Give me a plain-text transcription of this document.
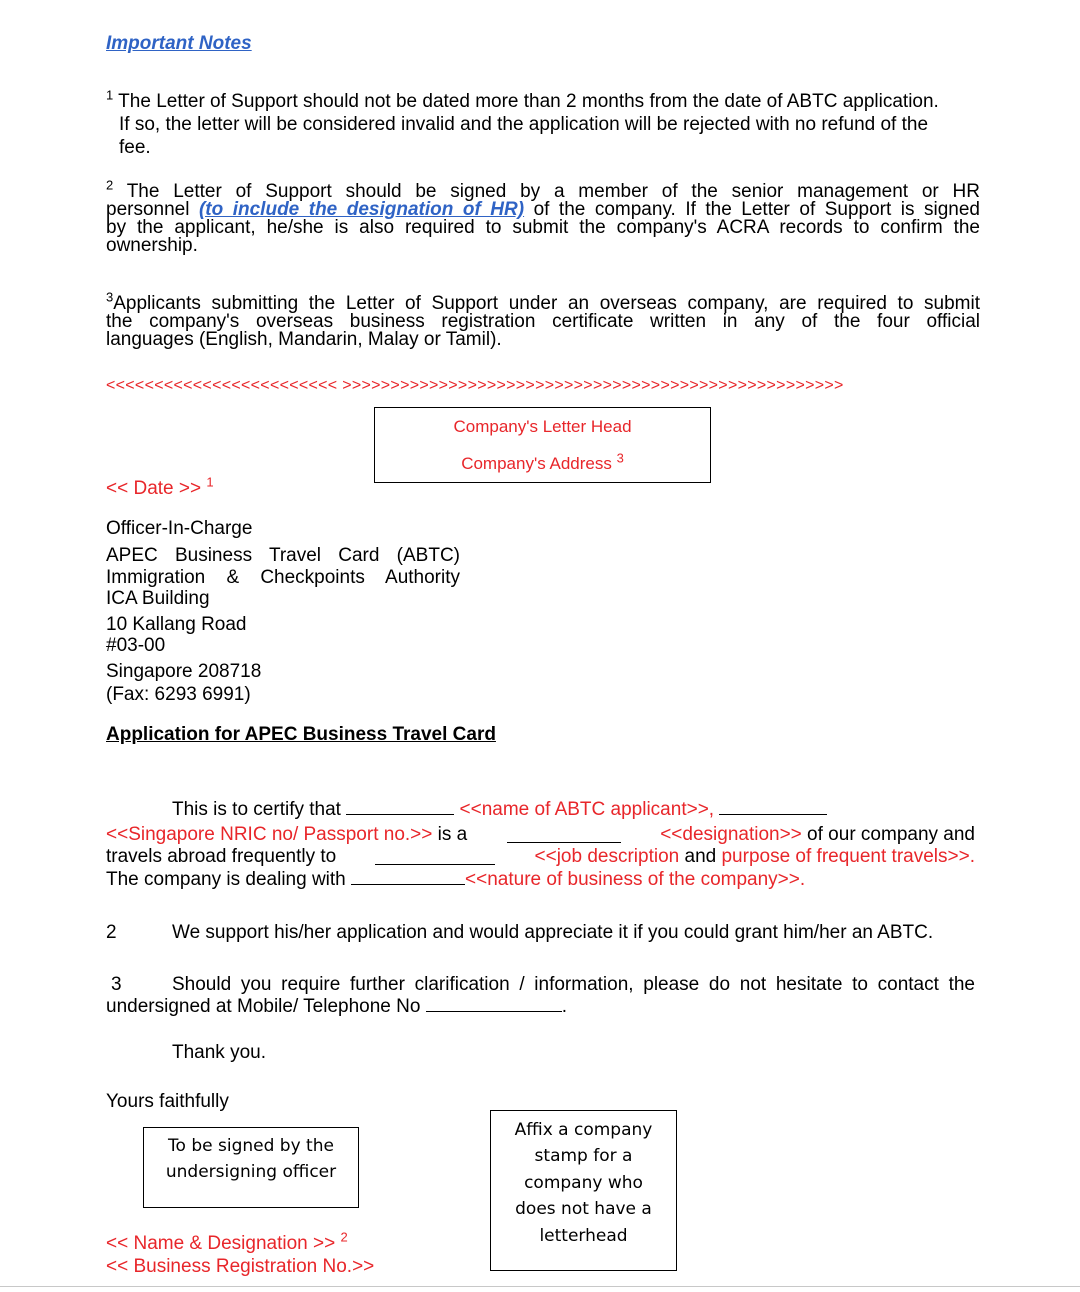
Important Notes
$^1$ The Letter of Support should not be dated more than 2 months from the date of ABTC application.
If so, the letter will be considered invalid and the application will be rejected with no refund of the
fee.
$^2$ The Letter of Support should be signed by a member of the senior management or HR
personnel (to include the designation of HR) of the company. If the Letter of Support is signed
by the applicant, he/she is also required to submit the company's ACRA records to confirm the
ownership.
$^3$Applicants submitting the Letter of Support under an overseas company, are required to submit
the company's overseas business registration certificate written in any of the four official
languages (English, Mandarin, Malay or Tamil).
<<<<<<<<<<<<<<<<<<<<<<<< >>>>>>>>>>>>>>>>>>>>>>>>>>>>>>>>>>>>>>>>>>>>>>>>>>>>
Company's Letter Head
Company's Address $^3$
<< Date >> $^1$
Officer-In-Charge
APEC Business Travel Card (ABTC)
Immigration & Checkpoints Authority
ICA Building
10 Kallang Road
#03-00
Singapore 208718
(Fax: 6293 6991)
Application for APEC Business Travel Card
This is to certify that	<<name of ABTC applicant>>,
<<Singapore NRIC no/ Passport no.>> is a	<<designation>> of our company and
travels abroad frequently to	<<job description and purpose of frequent travels>>.
The company is dealing with	<<nature of business of the company>>.
2	We support his/her application and would appreciate it if you could grant him/her an ABTC.
3	Should you require further clarification / information, please do not hesitate to contact the
undersigned at Mobile/ Telephone No	.
Thank you.
Yours faithfully
To be signed by the
undersigning officer
Affix a company
stamp for a
company who
does not have a
letterhead
<< Name & Designation >> $^2$
<< Business Registration No.>>
